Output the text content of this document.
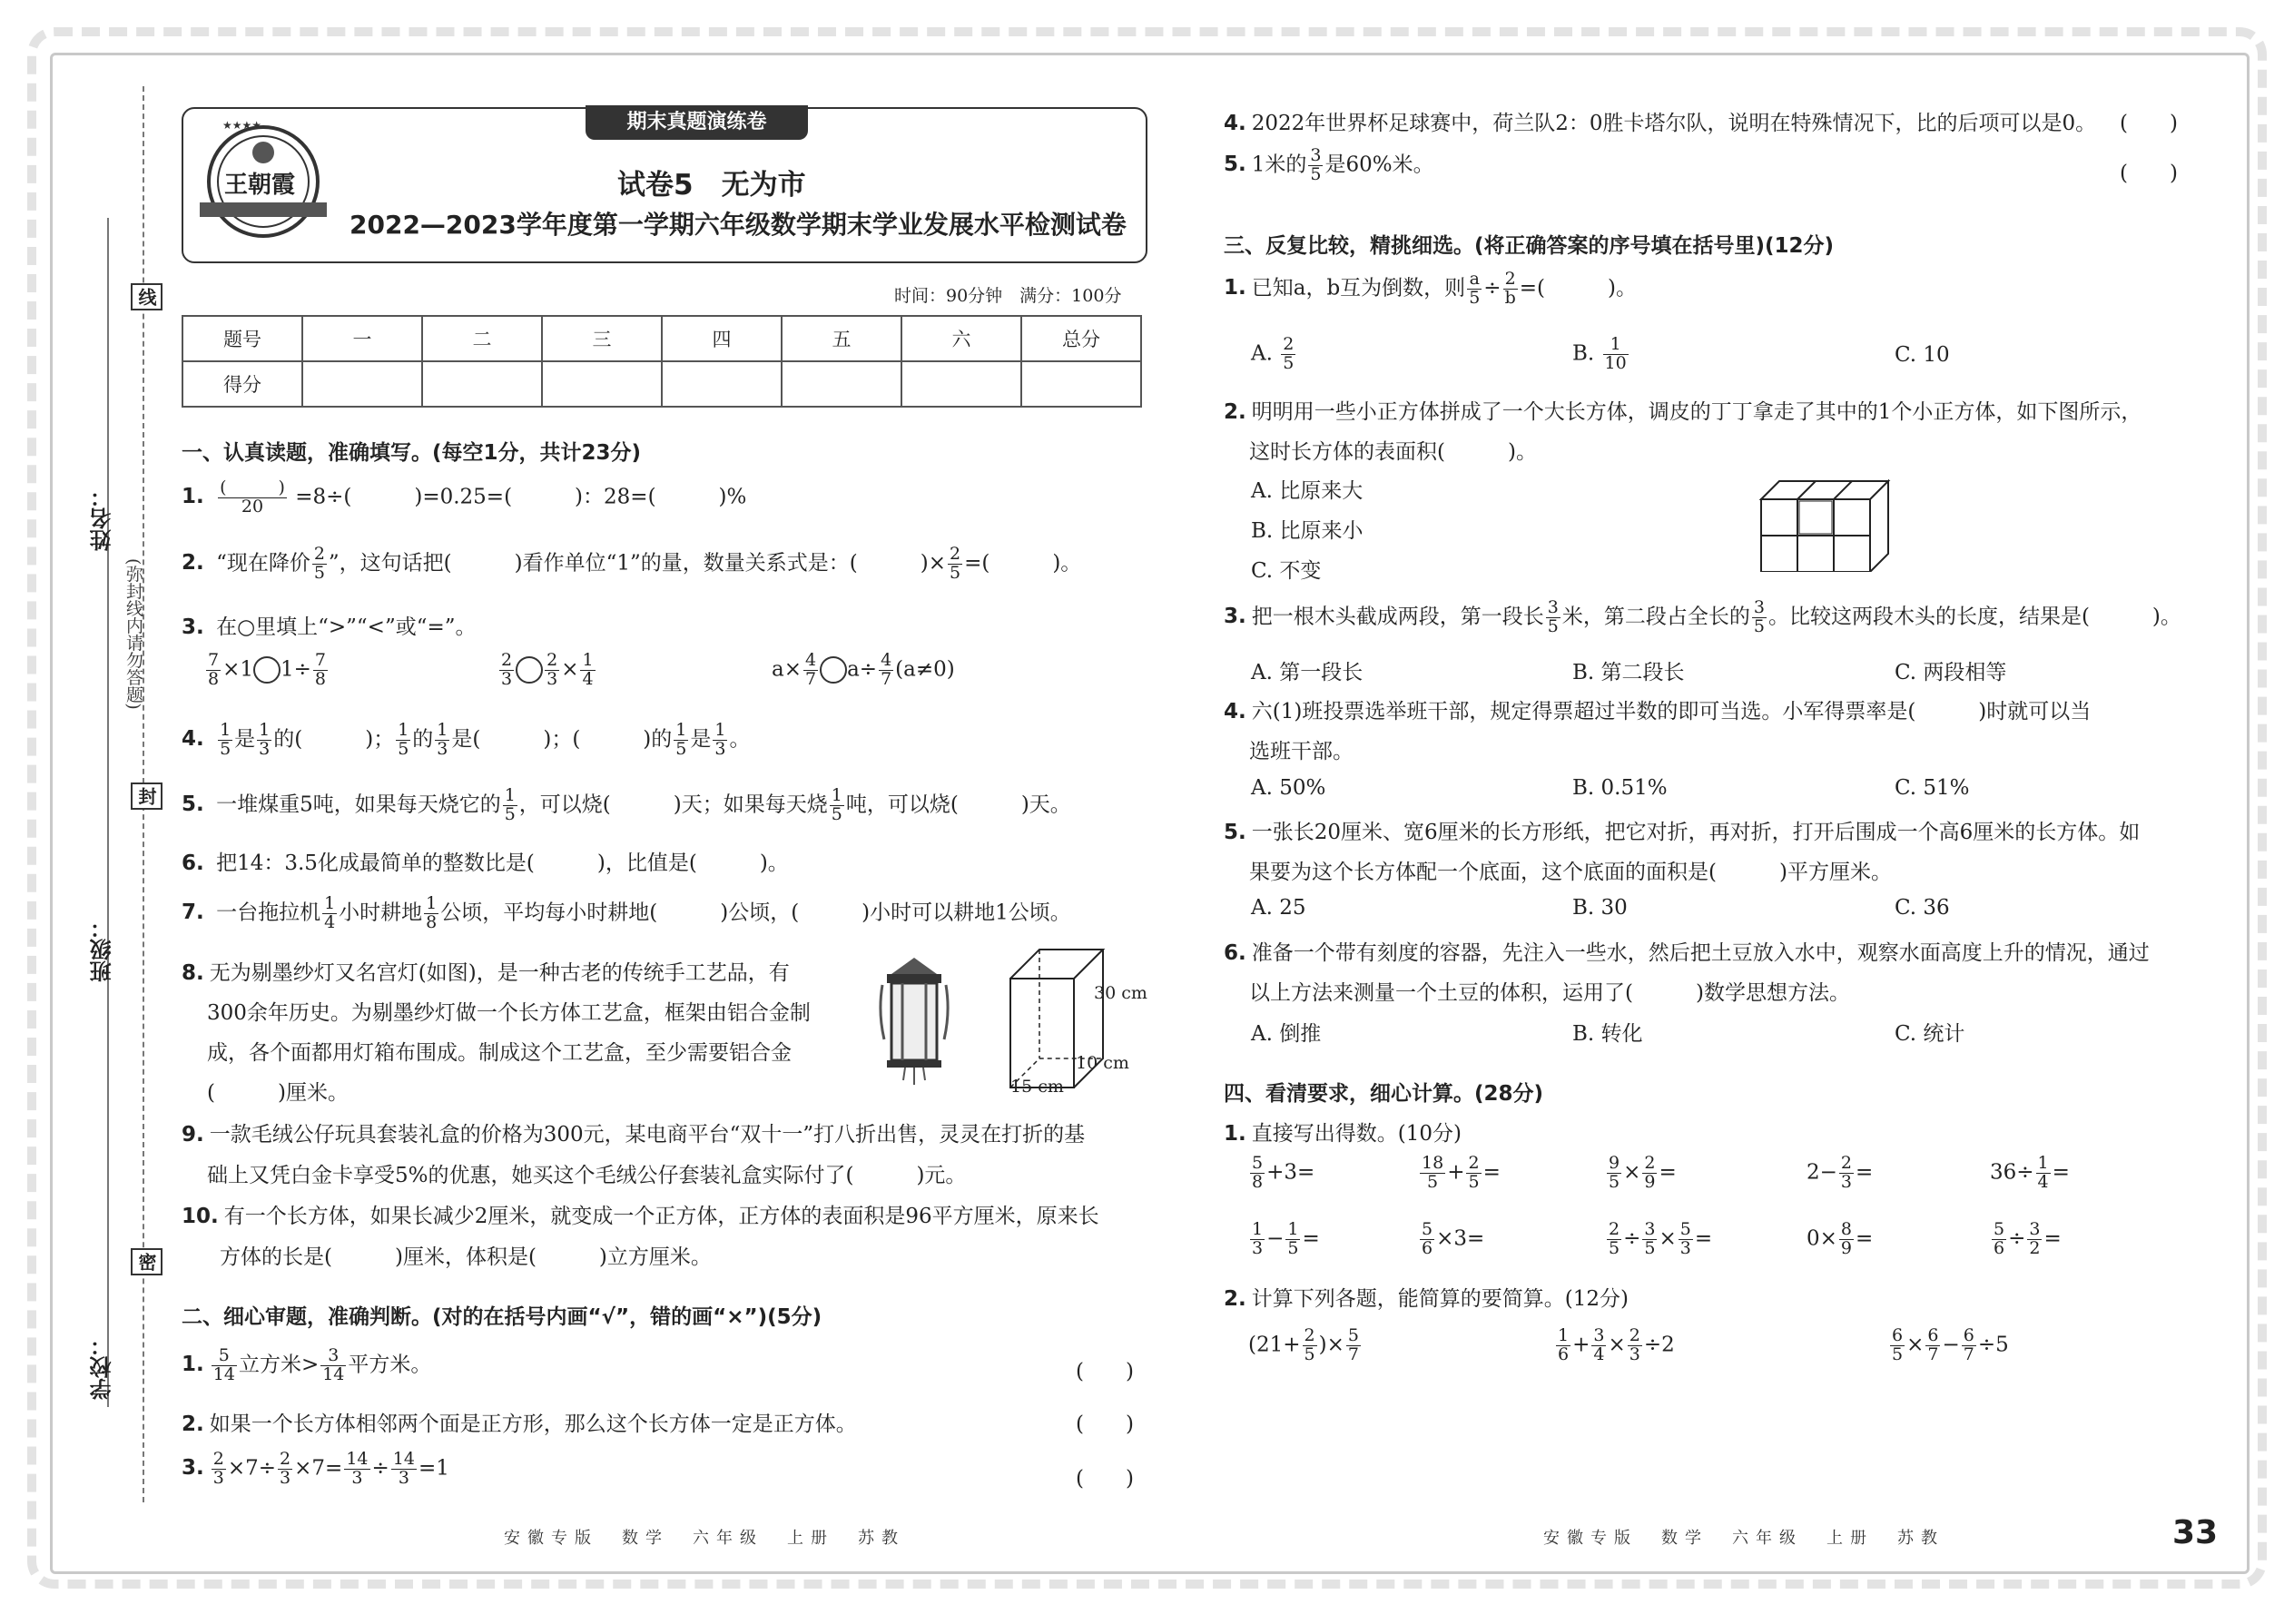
线
封
密
(弥封线内请勿答题)
姓名：
班级：
学校：
期末真题演练卷
★★★★
王朝霞	试卷5　无为市
2022—2023学年度第一学期六年级数学期末学业发展水平检测试卷
时间：90分钟　满分：100分
题号	一	二	三	四	五	六	总分
得分							
一、认真读题，准确填写。(每空1分，共计23分)
1. $\frac{( )}{20} =8\div$(　　　)=0.25=(　　　)：28=(　　　)%
2. “现在降价 $\frac{2}{5}$ ”，这句话把(　　　)看作单位“1”的量，数量关系式是：(　　　)× $\frac{2}{5}$ =(　　　)。
3. 在○里填上“>”“<”或“=”。
$\frac{7}{8} \times 1$ $1\div \frac{7}{8}$	$\frac{2}{3} \frac{2}{3} \times \frac{1}{4}$	$a\times \frac{4}{7} a\div \frac{4}{7} (a\ne 0)$
4. $\frac{1}{5}$ 是 $\frac{1}{3}$ 的(　　　)； $\frac{1}{5}$ 的 $\frac{1}{3}$ 是(　　　)；(　　　)的 $\frac{1}{5}$ 是 $\frac{1}{3}$ 。
5. 一堆煤重5吨，如果每天烧它的 $\frac{1}{5}$ ，可以烧(　　　)天；如果每天烧 $\frac{1}{5}$ 吨，可以烧(　　　)天。
6. 把14：3.5化成最简单的整数比是(　　　)，比值是(　　　)。
7. 一台拖拉机 $\frac{1}{4}$ 小时耕地 $\frac{1}{8}$ 公顷，平均每小时耕地(　　　)公顷，(　　　)小时可以耕地1公顷。
8. 无为剔墨纱灯又名宫灯(如图)，是一种古老的传统手工艺品，有
300余年历史。为剔墨纱灯做一个长方体工艺盒，框架由铝合金制
成，各个面都用灯箱布围成。制成这个工艺盒，至少需要铝合金
(　　　)厘米。
30 cm
10 cm
15 cm
9. 一款毛绒公仔玩具套装礼盒的价格为300元，某电商平台“双十一”打八折出售，灵灵在打折的基
础上又凭白金卡享受5%的优惠，她买这个毛绒公仔套装礼盒实际付了(　　　)元。
10. 有一个长方体，如果长减少2厘米，就变成一个正方体，正方体的表面积是96平方厘米，原来长
方体的长是(　　　)厘米，体积是(　　　)立方厘米。
二、细心审题，准确判断。(对的在括号内画“√”，错的画“×”)(5分)
1. $\frac{5}{14}$ 立方米> $\frac{3}{14}$ 平方米。	(　　)
2. 如果一个长方体相邻两个面是正方形，那么这个长方体一定是正方体。	(　　)
3. $\frac{2}{3} \times 7\div \frac{2}{3} \times 7= \frac{14}{3} \div \frac{14}{3} =1$	(　　)
安徽专版　数学　六年级　上册　苏教
4. 2022年世界杯足球赛中，荷兰队2：0胜卡塔尔队，说明在特殊情况下，比的后项可以是0。 (　　)
5. 1米的 $\frac{3}{5}$ 是60%米。	(　　)
三、反复比较，精挑细选。(将正确答案的序号填在括号里)(12分)
1. 已知a，b互为倒数，则 $\frac{a}{5} \div \frac{2}{b}$ =(　　　)。
A. $\frac{2}{5}$	B. $\frac{1}{10}$	C. 10
2. 明明用一些小正方体拼成了一个大长方体，调皮的丁丁拿走了其中的1个小正方体，如下图所示，
这时长方体的表面积(　　　)。
A. 比原来大
B. 比原来小
C. 不变
3. 把一根木头截成两段，第一段长 $\frac{3}{5}$ 米，第二段占全长的 $\frac{3}{5}$ 。比较这两段木头的长度，结果是(　　　)。
A. 第一段长	B. 第二段长	C. 两段相等
4. 六(1)班投票选举班干部，规定得票超过半数的即可当选。小军得票率是(　　　)时就可以当
选班干部。
A. 50%	B. 0.51%	C. 51%
5. 一张长20厘米、宽6厘米的长方形纸，把它对折，再对折，打开后围成一个高6厘米的长方体。如
果要为这个长方体配一个底面，这个底面的面积是(　　　)平方厘米。
A. 25	B. 30	C. 36
6. 准备一个带有刻度的容器，先注入一些水，然后把土豆放入水中，观察水面高度上升的情况，通过
以上方法来测量一个土豆的体积，运用了(　　　)数学思想方法。
A. 倒推	B. 转化	C. 统计
四、看清要求，细心计算。(28分)
1. 直接写出得数。(10分)
$\frac{5}{8} +3=$	$\frac{18}{5} + \frac{2}{5}$ =	$\frac{9}{5} \times \frac{2}{9}$ =	$2- \frac{2}{3}$ =	$36\div \frac{1}{4}$ =
$\frac{1}{3} - \frac{1}{5}$ =	$\frac{5}{6} \times 3=$	$\frac{2}{5} \div \frac{3}{5} \times \frac{5}{3}$ =	$0\times \frac{8}{9}$ =	$\frac{5}{6} \div \frac{3}{2}$ =
2. 计算下列各题，能简算的要简算。(12分)
($21+ \frac{2}{5}$ )× $\frac{5}{7}$	$\frac{1}{6} + \frac{3}{4} \times \frac{2}{3} \div 2$	$\frac{6}{5} \times \frac{6}{7} - \frac{6}{7} \div 5$
安徽专版　数学　六年级　上册　苏教	33
